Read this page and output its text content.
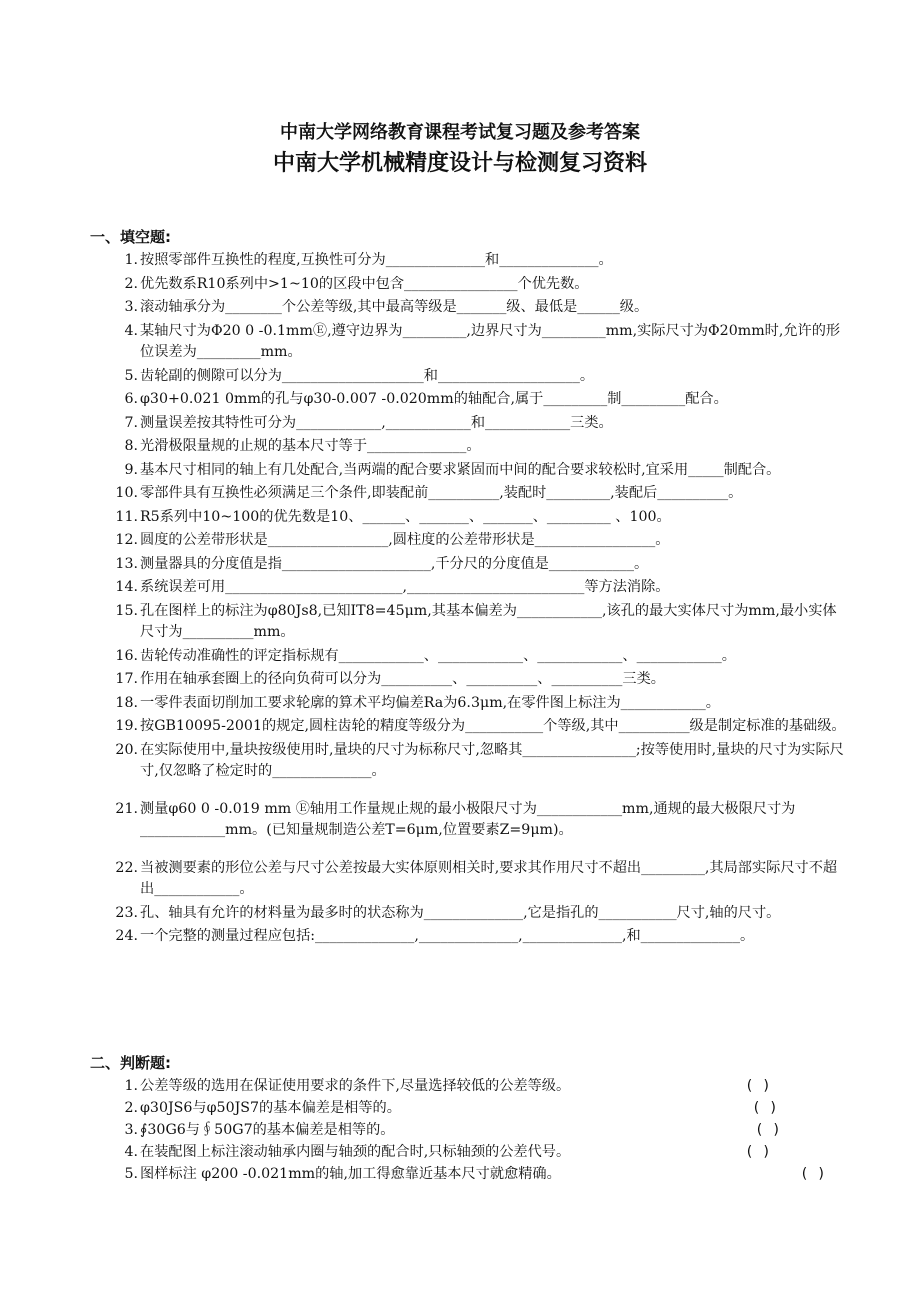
中南大学网络教育课程考试复习题及参考答案
中南大学机械精度设计与检测复习资料
一、填空题:
1. 按照零部件互换性的程度,互换性可分为______________和______________。
2. 优先数系R10系列中>1~10的区段中包含________________个优先数。
3. 滚动轴承分为________个公差等级,其中最高等级是_______级、最低是______级。
4. 某轴尺寸为Φ20 0 -0.1mmⒺ,遵守边界为_________,边界尺寸为_________mm,实际尺寸为Φ20mm时,允许的形位误差为_________mm。
5. 齿轮副的侧隙可以分为____________________和____________________。
6. φ30+0.021 0mm的孔与φ30-0.007 -0.020mm的轴配合,属于_________制_________配合。
7. 测量误差按其特性可分为____________,____________和____________三类。
8. 光滑极限量规的止规的基本尺寸等于______________。
9. 基本尺寸相同的轴上有几处配合,当两端的配合要求紧固而中间的配合要求较松时,宜采用_____制配合。
10. 零部件具有互换性必须满足三个条件,即装配前__________,装配时_________,装配后__________。
11. R5系列中10~100的优先数是10、______、_______、_______、_________ 、100。
12. 圆度的公差带形状是_________________,圆柱度的公差带形状是_________________。
13. 测量器具的分度值是指_____________________,千分尺的分度值是____________。
14. 系统误差可用_________________________,_________________________等方法消除。
15. 孔在图样上的标注为φ80Js8,已知IT8=45μm,其基本偏差为____________,该孔的最大实体尺寸为mm,最小实体尺寸为__________mm。
16. 齿轮传动准确性的评定指标规有____________、____________、____________、____________。
17. 作用在轴承套圈上的径向负荷可以分为__________、__________、__________三类。
18. 一零件表面切削加工要求轮廓的算术平均偏差Ra为6.3μm,在零件图上标注为____________。
19. 按GB10095-2001的规定,圆柱齿轮的精度等级分为___________个等级,其中__________级是制定标准的基础级。
20. 在实际使用中,量块按级使用时,量块的尺寸为标称尺寸,忽略其________________;按等使用时,量块的尺寸为实际尺寸,仅忽略了检定时的______________。
21. 测量φ60 0 -0.019 mm Ⓔ轴用工作量规止规的最小极限尺寸为____________mm,通规的最大极限尺寸为____________mm。(已知量规制造公差T=6μm,位置要素Z=9μm)。
22. 当被测要素的形位公差与尺寸公差按最大实体原则相关时,要求其作用尺寸不超出_________,其局部实际尺寸不超出____________。
23. 孔、轴具有允许的材料量为最多时的状态称为______________,它是指孔的___________尺寸,轴的尺寸。
24. 一个完整的测量过程应包括:______________,______________,______________,和______________。
二、判断题:
1. 公差等级的选用在保证使用要求的条件下,尽量选择较低的公差等级。	( )
2. φ30JS6与φ50JS7的基本偏差是相等的。	( )
3. ∮30G6与∮50G7的基本偏差是相等的。	( )
4. 在装配图上标注滚动轴承内圈与轴颈的配合时,只标轴颈的公差代号。	( )
5. 图样标注 φ200 -0.021mm的轴,加工得愈靠近基本尺寸就愈精确。	( )
